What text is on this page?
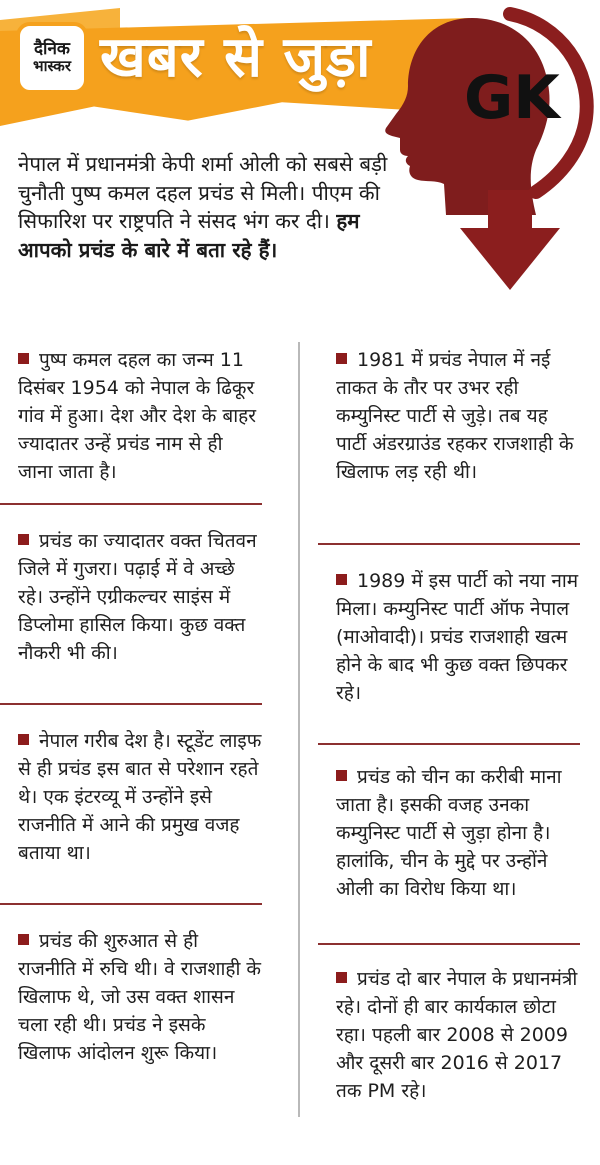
दैनिक
भास्कर खबर से जुड़ा
GK
नेपाल में प्रधानमंत्री केपी शर्मा ओली को सबसे बड़ी चुनौती पुष्प कमल दहल प्रचंड से मिली। पीएम की सिफारिश पर राष्ट्रपति ने संसद भंग कर दी। हम आपको प्रचंड के बारे में बता रहे हैं।
पुष्प कमल दहल का जन्म 11 दिसंबर 1954 को नेपाल के ढिकूर गांव में हुआ। देश और देश के बाहर ज्यादातर उन्हें प्रचंड नाम से ही जाना जाता है।
प्रचंड का ज्यादातर वक्त चितवन जिले में गुजरा। पढ़ाई में वे अच्छे रहे। उन्होंने एग्रीकल्चर साइंस में डिप्लोमा हासिल किया। कुछ वक्त नौकरी भी की।
नेपाल गरीब देश है। स्टूडेंट लाइफ से ही प्रचंड इस बात से परेशान रहते थे। एक इंटरव्यू में उन्होंने इसे राजनीति में आने की प्रमुख वजह बताया था।
प्रचंड की शुरुआत से ही राजनीति में रुचि थी। वे राजशाही के खिलाफ थे, जो उस वक्त शासन चला रही थी। प्रचंड ने इसके खिलाफ आंदोलन शुरू किया।
1981 में प्रचंड नेपाल में नई ताकत के तौर पर उभर रही कम्युनिस्ट पार्टी से जुड़े। तब यह पार्टी अंडरग्राउंड रहकर राजशाही के खिलाफ लड़ रही थी।
1989 में इस पार्टी को नया नाम मिला। कम्युनिस्ट पार्टी ऑफ नेपाल (माओवादी)। प्रचंड राजशाही खत्म होने के बाद भी कुछ वक्त छिपकर रहे।
प्रचंड को चीन का करीबी माना जाता है। इसकी वजह उनका कम्युनिस्ट पार्टी से जुड़ा होना है। हालांकि, चीन के मुद्दे पर उन्होंने ओली का विरोध किया था।
प्रचंड दो बार नेपाल के प्रधानमंत्री रहे। दोनों ही बार कार्यकाल छोटा रहा। पहली बार 2008 से 2009 और दूसरी बार 2016 से 2017 तक PM रहे।
